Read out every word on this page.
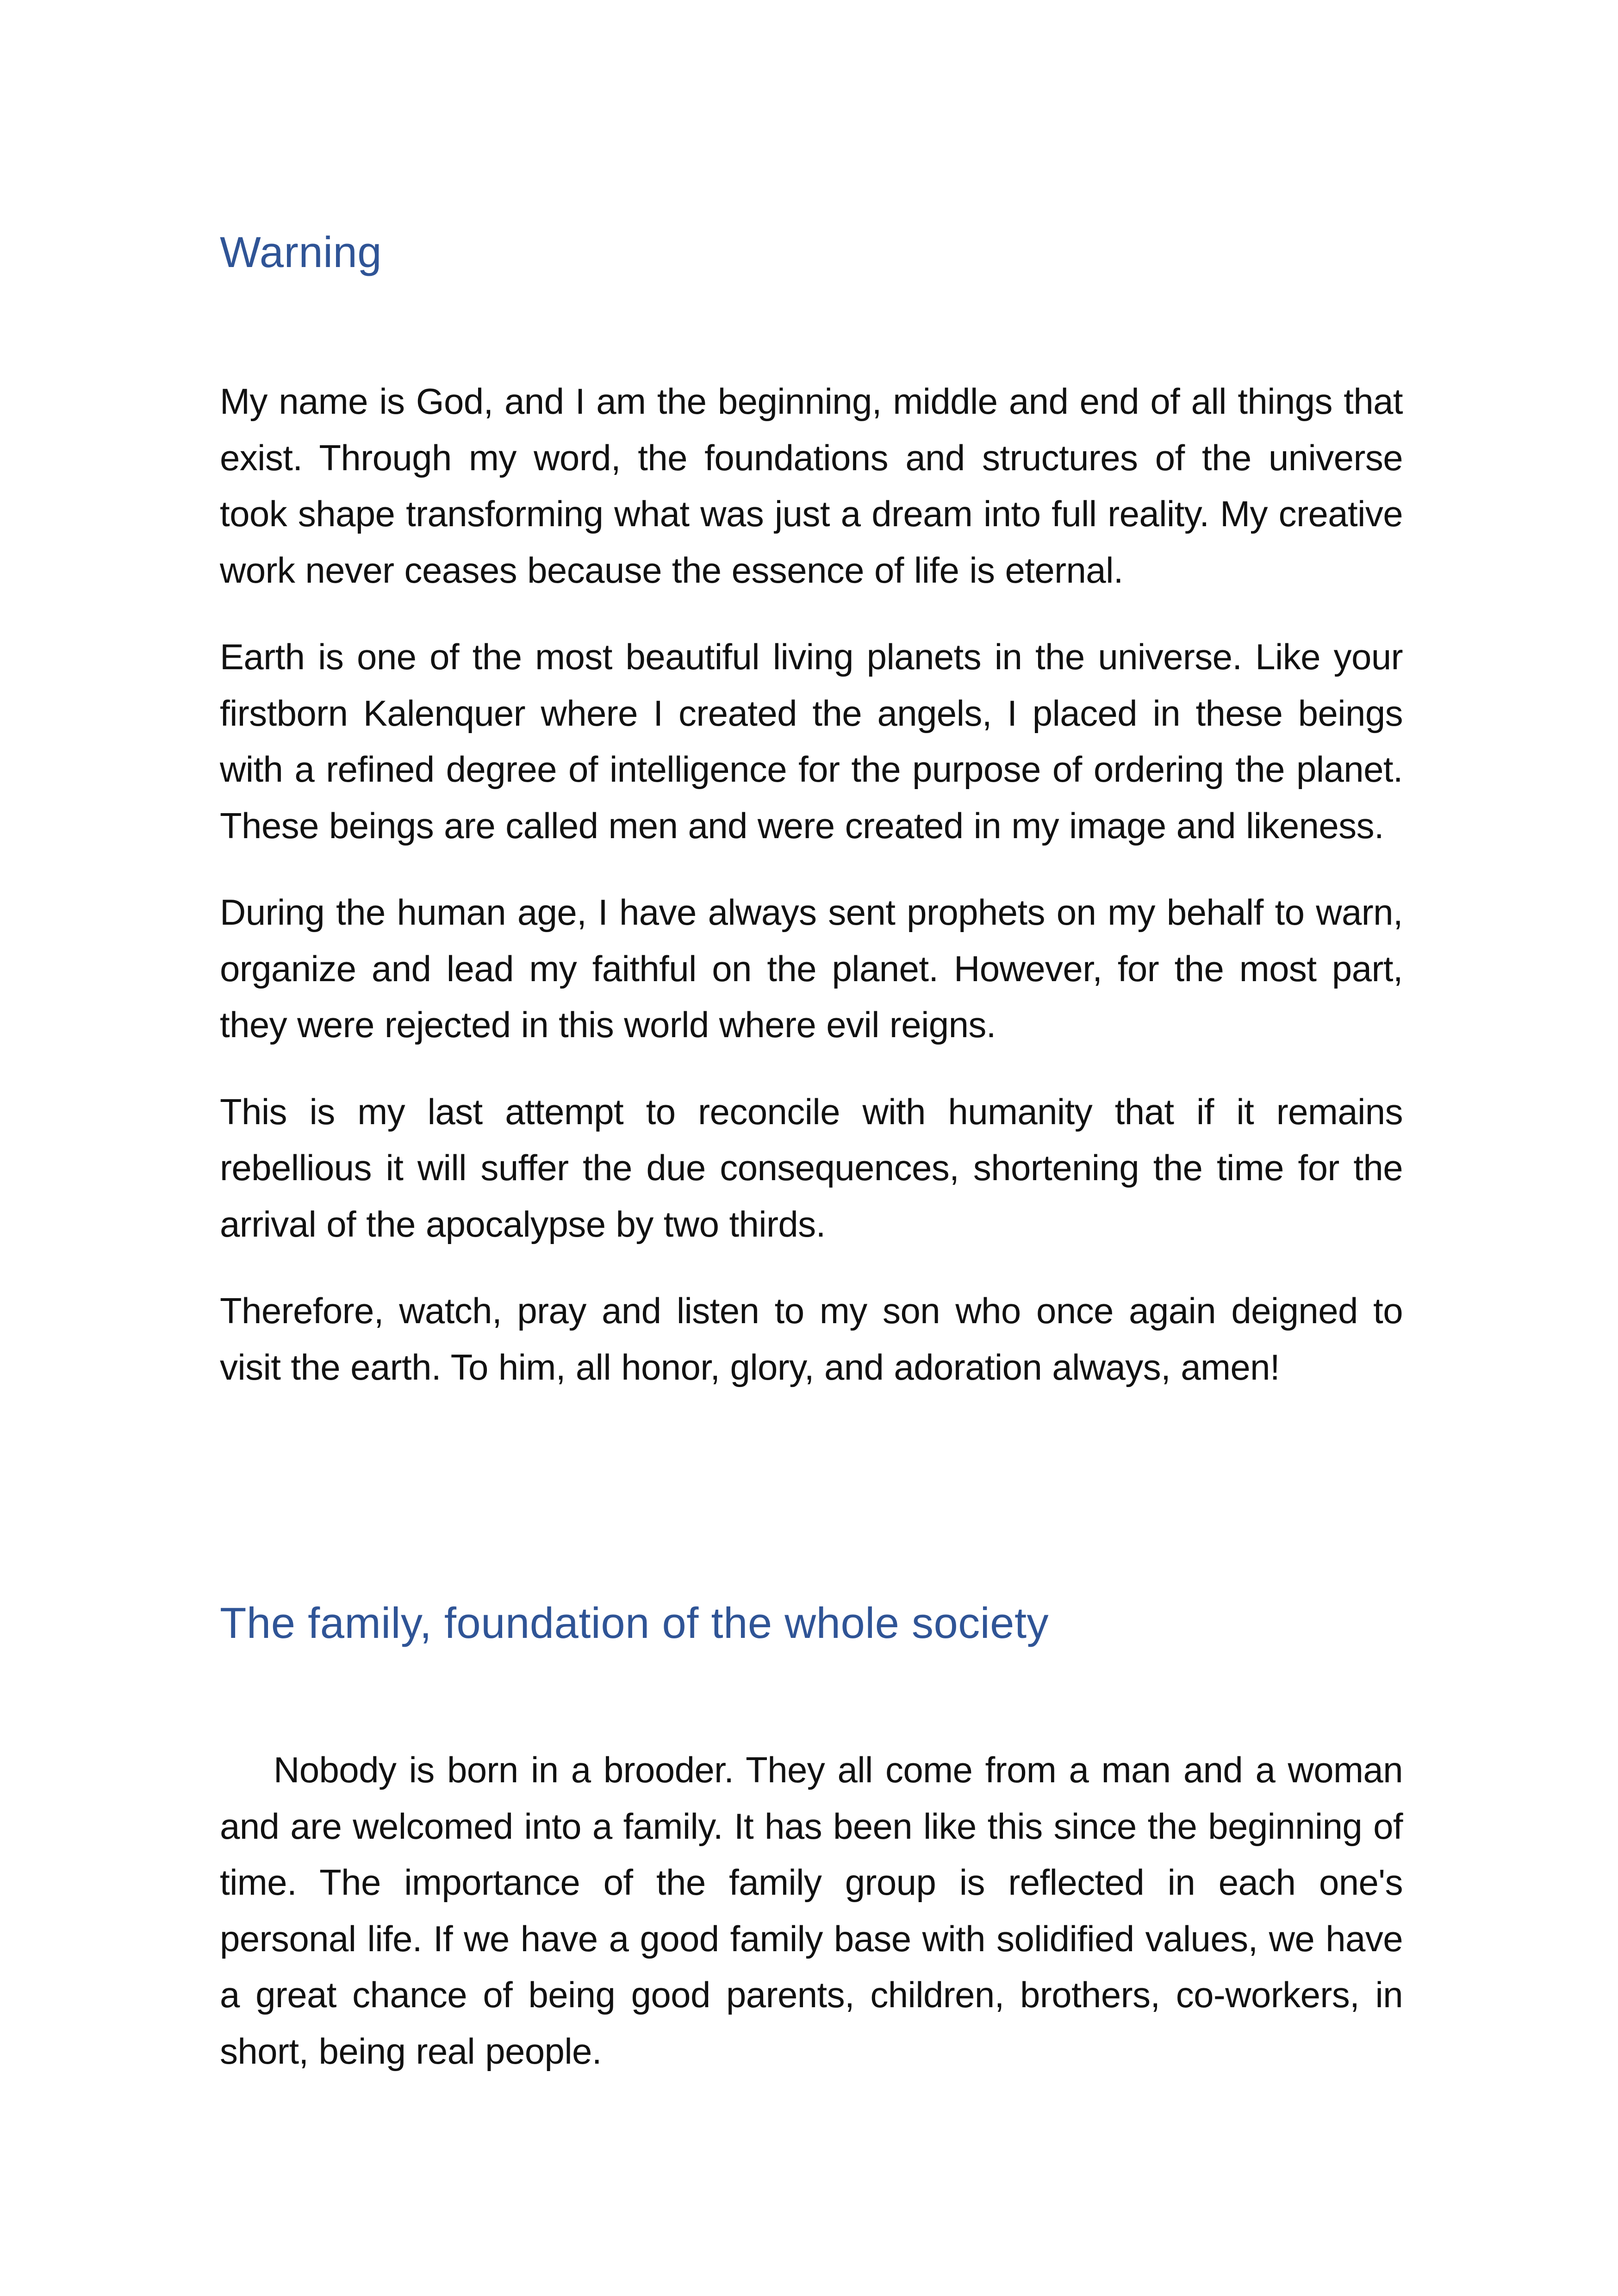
Warning

My name is God, and I am the beginning, middle and end of all things that exist. Through my word, the foundations and structures of the universe took shape transforming what was just a dream into full reality. My creative work never ceases because the essence of life is eternal.

Earth is one of the most beautiful living planets in the universe. Like your firstborn Kalenquer where I created the angels, I placed in these beings with a refined degree of intelligence for the purpose of ordering the planet. These beings are called men and were created in my image and likeness.

During the human age, I have always sent prophets on my behalf to warn, organize and lead my faithful on the planet. However, for the most part, they were rejected in this world where evil reigns.

This is my last attempt to reconcile with humanity that if it remains rebellious it will suffer the due consequences, shortening the time for the arrival of the apocalypse by two thirds.

Therefore, watch, pray and listen to my son who once again deigned to visit the earth. To him, all honor, glory, and adoration always, amen!

The family, foundation of the whole society

Nobody is born in a brooder. They all come from a man and a woman and are welcomed into a family. It has been like this since the beginning of time. The importance of the family group is reflected in each one's personal life. If we have a good family base with solidified values, we have a great chance of being good parents, children, brothers, co-workers, in short, being real people.
